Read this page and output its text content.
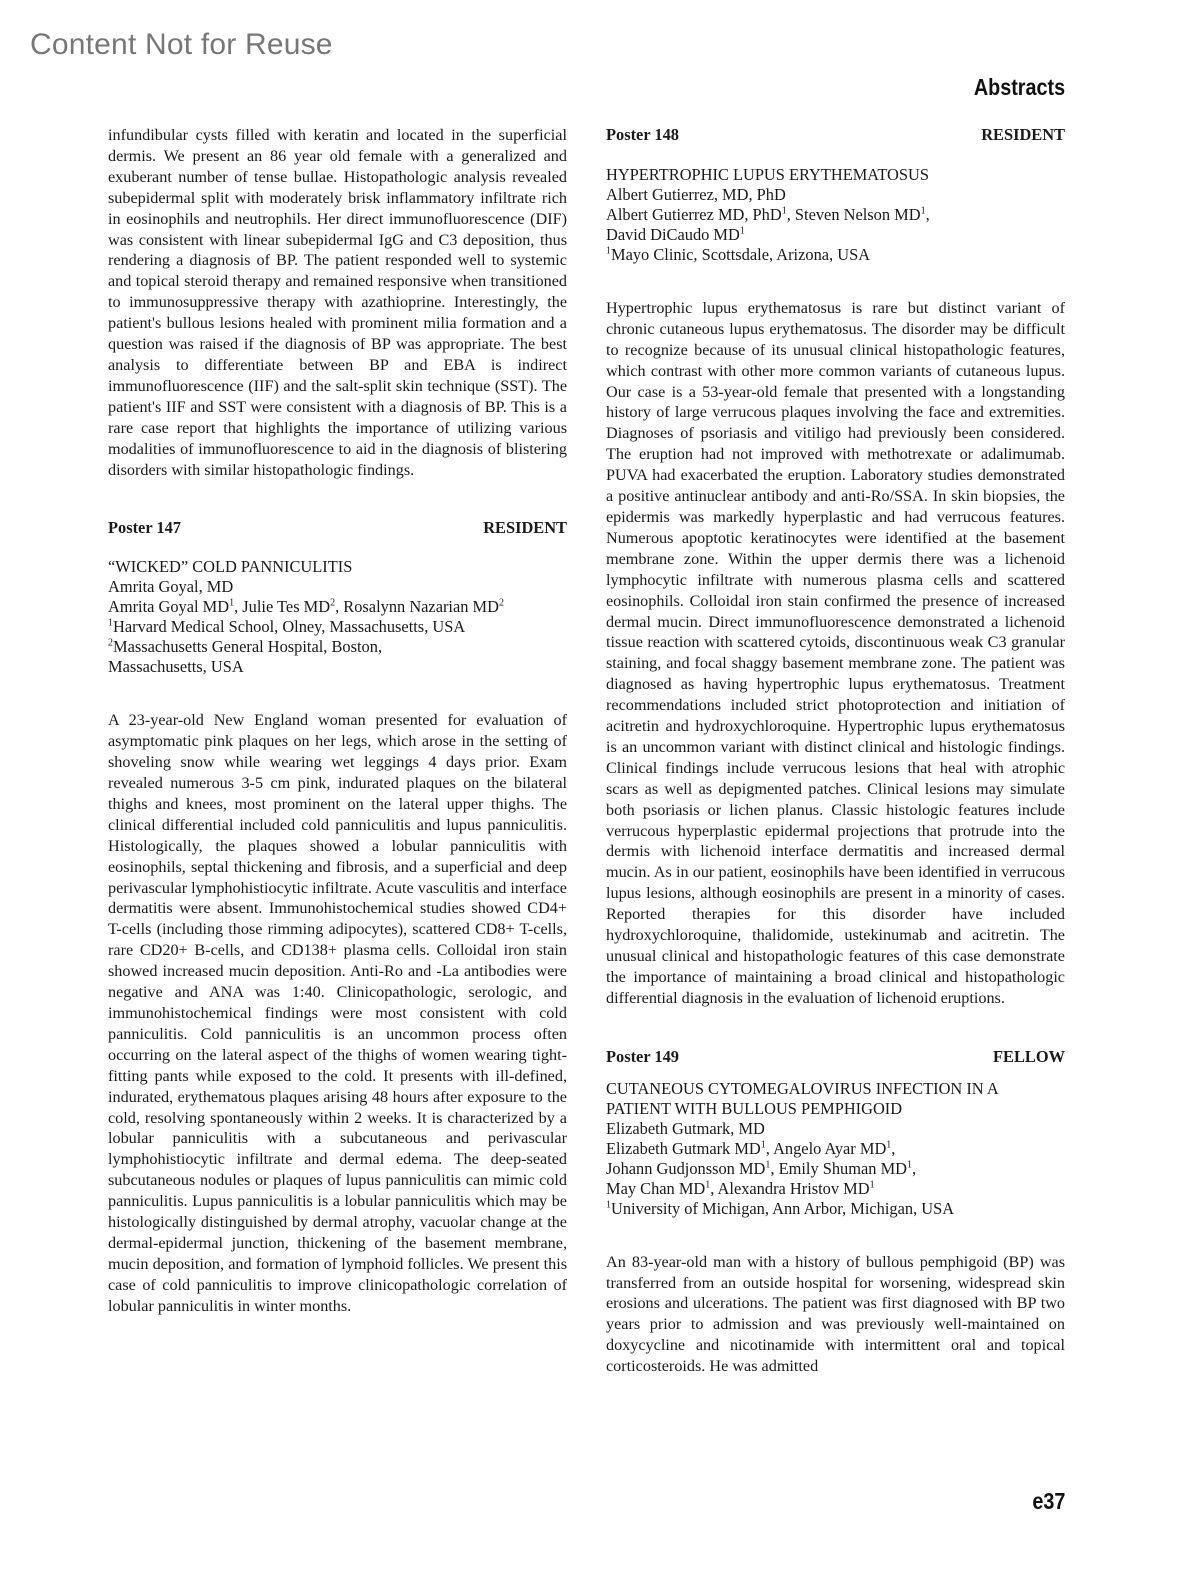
Content Not for Reuse
Abstracts

infundibular cysts filled with keratin and located in the superficial dermis. We present an 86 year old female with a generalized and exuberant number of tense bullae. Histopathologic analysis revealed subepidermal split with moderately brisk inflammatory infiltrate rich in eosinophils and neutrophils. Her direct immunofluorescence (DIF) was consistent with linear subepidermal IgG and C3 deposition, thus rendering a diagnosis of BP. The patient responded well to systemic and topical steroid therapy and remained responsive when transitioned to immunosuppressive therapy with azathioprine. Interestingly, the patient's bullous lesions healed with prominent milia formation and a question was raised if the diagnosis of BP was appropriate. The best analysis to differentiate between BP and EBA is indirect immunofluorescence (IIF) and the salt-split skin technique (SST). The patient's IIF and SST were consistent with a diagnosis of BP. This is a rare case report that highlights the importance of utilizing various modalities of immunofluorescence to aid in the diagnosis of blistering disorders with similar histopathologic findings.

Poster 147	RESIDENT
“WICKED” COLD PANNICULITIS
Amrita Goyal, MD
Amrita Goyal $MD^1$, Julie Tes $MD^2$, Rosalynn Nazarian $MD^2$
$^1$Harvard Medical School, Olney, Massachusetts, USA
$^2$Massachusetts General Hospital, Boston,
Massachusetts, USA

A 23-year-old New England woman presented for evaluation of asymptomatic pink plaques on her legs, which arose in the setting of shoveling snow while wearing wet leggings 4 days prior. Exam revealed numerous 3-5 cm pink, indurated plaques on the bilateral thighs and knees, most prominent on the lateral upper thighs. The clinical differential included cold panniculitis and lupus panniculitis. Histologically, the plaques showed a lobular panniculitis with eosinophils, septal thickening and fibrosis, and a superficial and deep perivascular lymphohistiocytic infiltrate. Acute vasculitis and interface dermatitis were absent. Immunohistochemical studies showed CD4+ T-cells (including those rimming adipocytes), scattered CD8+ T-cells, rare CD20+ B-cells, and CD138+ plasma cells. Colloidal iron stain showed increased mucin deposition. Anti-Ro and -La antibodies were negative and ANA was 1:40. Clinicopathologic, serologic, and immunohistochemical findings were most consistent with cold panniculitis. Cold panniculitis is an uncommon process often occurring on the lateral aspect of the thighs of women wearing tight-fitting pants while exposed to the cold. It presents with ill-defined, indurated, erythematous plaques arising 48 hours after exposure to the cold, resolving spontaneously within 2 weeks. It is characterized by a lobular panniculitis with a subcutaneous and perivascular lymphohistiocytic infiltrate and dermal edema. The deep-seated subcutaneous nodules or plaques of lupus panniculitis can mimic cold panniculitis. Lupus panniculitis is a lobular panniculitis which may be histologically distinguished by dermal atrophy, vacuolar change at the dermal-epidermal junction, thickening of the basement membrane, mucin deposition, and formation of lymphoid follicles. We present this case of cold panniculitis to improve clinicopathologic correlation of lobular panniculitis in winter months.

Poster 148	RESIDENT
HYPERTROPHIC LUPUS ERYTHEMATOSUS
Albert Gutierrez, MD, PhD
Albert Gutierrez MD, PhD$^1$, Steven Nelson $MD^1$,
David DiCaudo $MD^1$
$^1$Mayo Clinic, Scottsdale, Arizona, USA

Hypertrophic lupus erythematosus is rare but distinct variant of chronic cutaneous lupus erythematosus. The disorder may be difficult to recognize because of its unusual clinical histopathologic features, which contrast with other more common variants of cutaneous lupus. Our case is a 53-year-old female that presented with a longstanding history of large verrucous plaques involving the face and extremities. Diagnoses of psoriasis and vitiligo had previously been considered. The eruption had not improved with methotrexate or adalimumab. PUVA had exacerbated the eruption. Laboratory studies demonstrated a positive antinuclear antibody and anti-Ro/SSA. In skin biopsies, the epidermis was markedly hyperplastic and had verrucous features. Numerous apoptotic keratinocytes were identified at the basement membrane zone. Within the upper dermis there was a lichenoid lymphocytic infiltrate with numerous plasma cells and scattered eosinophils. Colloidal iron stain confirmed the presence of increased dermal mucin. Direct immunofluorescence demonstrated a lichenoid tissue reaction with scattered cytoids, discontinuous weak C3 granular staining, and focal shaggy basement membrane zone. The patient was diagnosed as having hypertrophic lupus erythematosus. Treatment recommendations included strict photoprotection and initiation of acitretin and hydroxychloroquine. Hypertrophic lupus erythematosus is an uncommon variant with distinct clinical and histologic findings. Clinical findings include verrucous lesions that heal with atrophic scars as well as depigmented patches. Clinical lesions may simulate both psoriasis or lichen planus. Classic histologic features include verrucous hyperplastic epidermal projections that protrude into the dermis with lichenoid interface dermatitis and increased dermal mucin. As in our patient, eosinophils have been identified in verrucous lupus lesions, although eosinophils are present in a minority of cases. Reported therapies for this disorder have included hydroxychloroquine, thalidomide, ustekinumab and acitretin. The unusual clinical and histopathologic features of this case demonstrate the importance of maintaining a broad clinical and histopathologic differential diagnosis in the evaluation of lichenoid eruptions.

Poster 149	FELLOW
CUTANEOUS CYTOMEGALOVIRUS INFECTION IN A
PATIENT WITH BULLOUS PEMPHIGOID
Elizabeth Gutmark, MD
Elizabeth Gutmark $MD^1$, Angelo Ayar $MD^1$,
Johann Gudjonsson $MD^1$, Emily Shuman $MD^1$,
May Chan $MD^1$, Alexandra Hristov $MD^1$
$^1$University of Michigan, Ann Arbor, Michigan, USA

An 83-year-old man with a history of bullous pemphigoid (BP) was transferred from an outside hospital for worsening, widespread skin erosions and ulcerations. The patient was first diagnosed with BP two years prior to admission and was previously well-maintained on doxycycline and nicotinamide with intermittent oral and topical corticosteroids. He was admitted

e37
